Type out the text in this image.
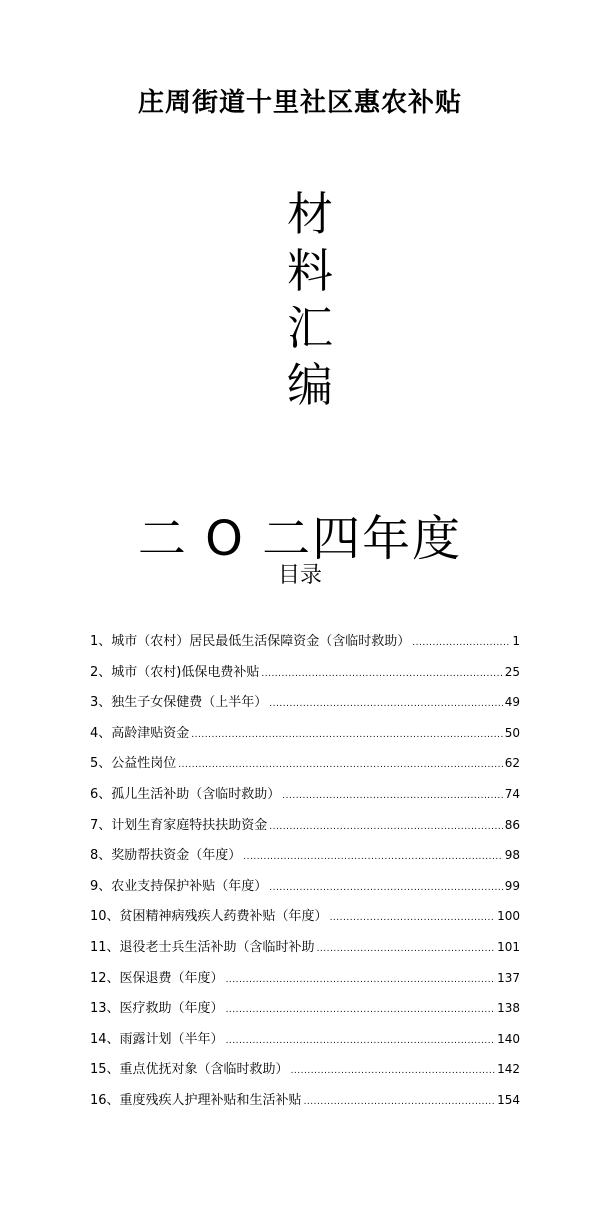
庄周街道十里社区惠农补贴
材
料
汇
编
二 O 二四年度
目录
1、 城市（农村）居民最低生活保障资金（含临时救助） .....	1
2、 城市（农村)低保电费补贴 .....	25
3、 独生子女保健费（上半年） .....	49
4、 高龄津贴资金 .....	50
5、 公益性岗位 .....	62
6、 孤儿生活补助（含临时救助） .....	74
7、 计划生育家庭特扶扶助资金 .....	86
8、 奖励帮扶资金（年度） .....	98
9、 农业支持保护补贴（年度） .....	99
10、 贫困精神病残疾人药费补贴（年度） .....	100
11、 退役老士兵生活补助（含临时补助 .....	101
12、 医保退费（年度） .....	137
13、 医疗救助（年度） .....	138
14、 雨露计划（半年） .....	140
15、 重点优抚对象（含临时救助） .....	142
16、 重度残疾人护理补贴和生活补贴 .....	154
